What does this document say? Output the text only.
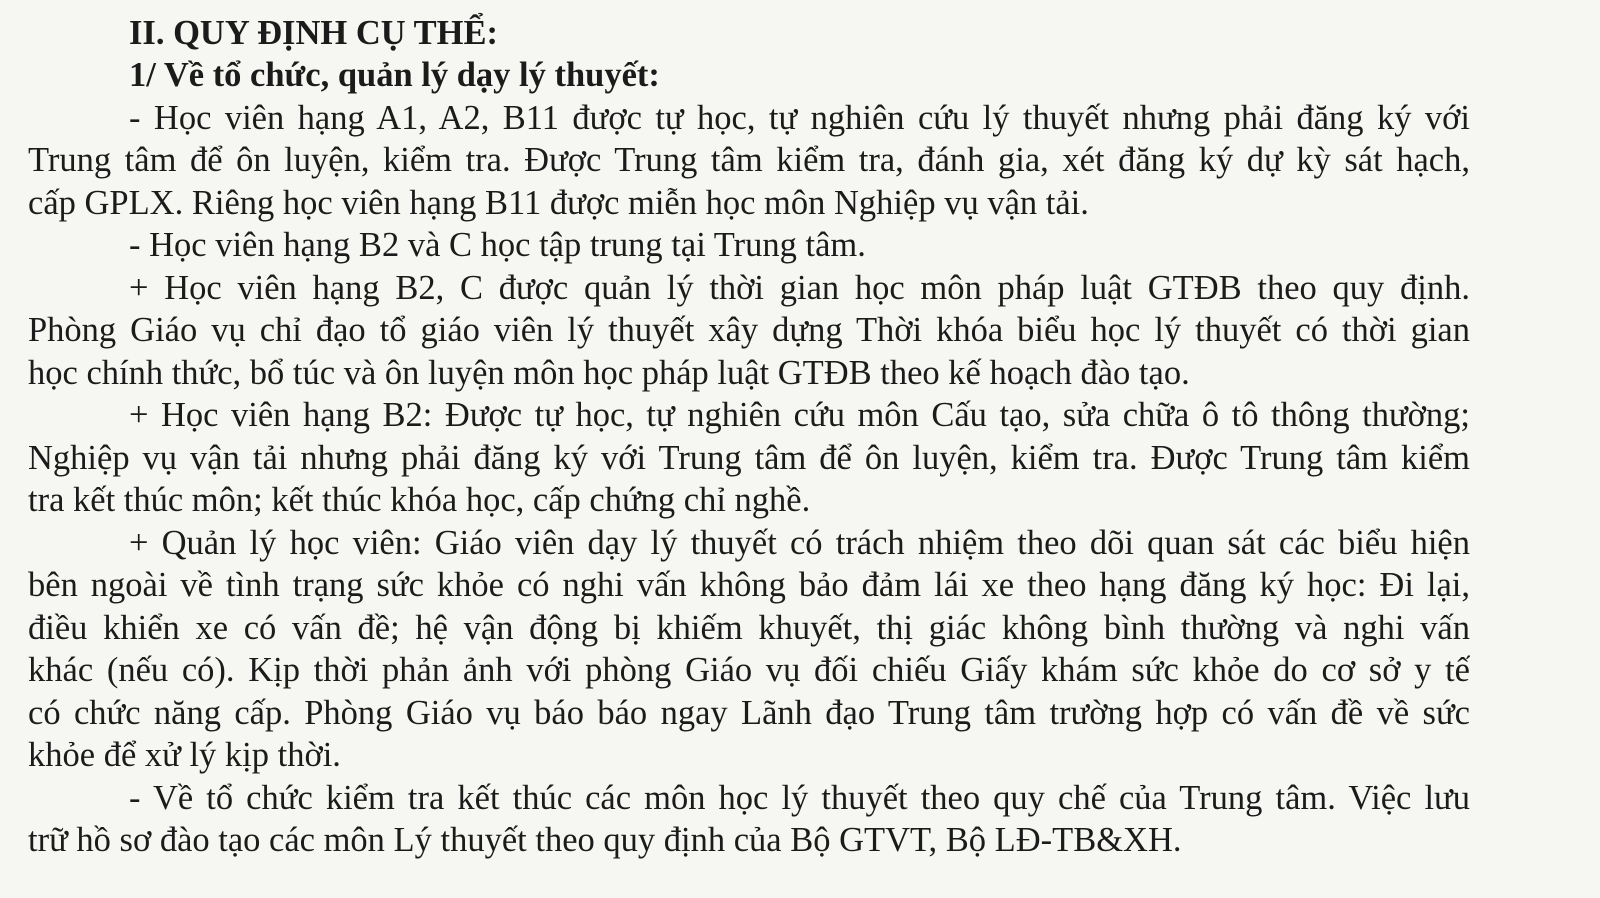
II. QUY ĐỊNH CỤ THỂ:
1/ Về tổ chức, quản lý dạy lý thuyết:
- Học viên hạng A1, A2, B11 được tự học, tự nghiên cứu lý thuyết nhưng phải đăng ký với
Trung tâm để ôn luyện, kiểm tra. Được Trung tâm kiểm tra, đánh gia, xét đăng ký dự kỳ sát hạch,
cấp GPLX. Riêng học viên hạng B11 được miễn học môn Nghiệp vụ vận tải.
- Học viên hạng B2 và C học tập trung tại Trung tâm.
+ Học viên hạng B2, C được quản lý thời gian học môn pháp luật GTĐB theo quy định.
Phòng Giáo vụ chỉ đạo tổ giáo viên lý thuyết xây dựng Thời khóa biểu học lý thuyết có thời gian
học chính thức, bổ túc và ôn luyện môn học pháp luật GTĐB theo kế hoạch đào tạo.
+ Học viên hạng B2: Được tự học, tự nghiên cứu môn Cấu tạo, sửa chữa ô tô thông thường;
Nghiệp vụ vận tải nhưng phải đăng ký với Trung tâm để ôn luyện, kiểm tra. Được Trung tâm kiểm
tra kết thúc môn; kết thúc khóa học, cấp chứng chỉ nghề.
+ Quản lý học viên: Giáo viên dạy lý thuyết có trách nhiệm theo dõi quan sát các biểu hiện
bên ngoài về tình trạng sức khỏe có nghi vấn không bảo đảm lái xe theo hạng đăng ký học: Đi lại,
điều khiển xe có vấn đề; hệ vận động bị khiếm khuyết, thị giác không bình thường và nghi vấn
khác (nếu có). Kịp thời phản ảnh với phòng Giáo vụ đối chiếu Giấy khám sức khỏe do cơ sở y tế
có chức năng cấp. Phòng Giáo vụ báo báo ngay Lãnh đạo Trung tâm trường hợp có vấn đề về sức
khỏe để xử lý kịp thời.
- Về tổ chức kiểm tra kết thúc các môn học lý thuyết theo quy chế của Trung tâm. Việc lưu
trữ hồ sơ đào tạo các môn Lý thuyết theo quy định của Bộ GTVT, Bộ LĐ-TB&XH.
